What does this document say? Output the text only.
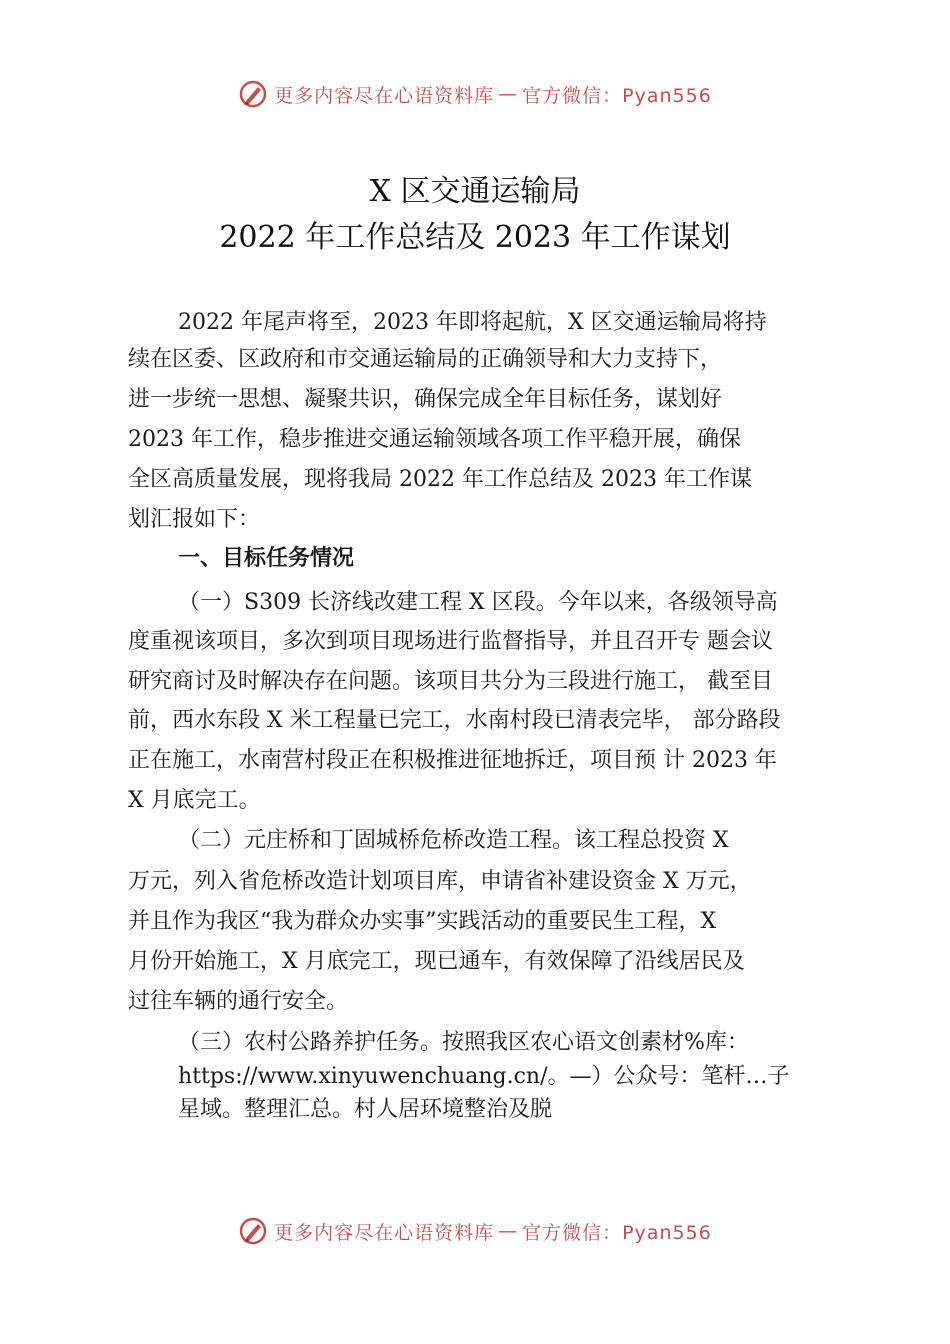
更多内容尽在心语资料库 — 官方微信：Pyan556
X 区交通运输局
2022 年工作总结及 2023 年工作谋划
2022 年尾声将至，2023 年即将起航，X 区交通运输局将持
续在区委、区政府和市交通运输局的正确领导和大力支持下，
进一步统一思想、凝聚共识，确保完成全年目标任务，谋划好
2023 年工作，稳步推进交通运输领域各项工作平稳开展，确保
全区高质量发展，现将我局 2022 年工作总结及 2023 年工作谋
划汇报如下：
一、目标任务情况
（一）S309 长济线改建工程 X 区段。今年以来，各级领导高
度重视该项目，多次到项目现场进行监督指导，并且召开专 题会议
研究商讨及时解决存在问题。该项目共分为三段进行施工， 截至目
前，西水东段 X 米工程量已完工，水南村段已清表完毕， 部分路段
正在施工，水南营村段正在积极推进征地拆迁，项目预 计 2023 年
X 月底完工。
（二）元庄桥和丁固城桥危桥改造工程。该工程总投资 X
万元，列入省危桥改造计划项目库，申请省补建设资金 X 万元，
并且作为我区“我为群众办实事”实践活动的重要民生工程，X
月份开始施工，X 月底完工，现已通车，有效保障了沿线居民及
过往车辆的通行安全。
（三）农村公路养护任务。按照我区农心语文创素材%库：
https://www.xinyuwenchuang.cn/。—）公众号：笔杆…子
星域。整理汇总。村人居环境整治及脱
更多内容尽在心语资料库 — 官方微信：Pyan556
